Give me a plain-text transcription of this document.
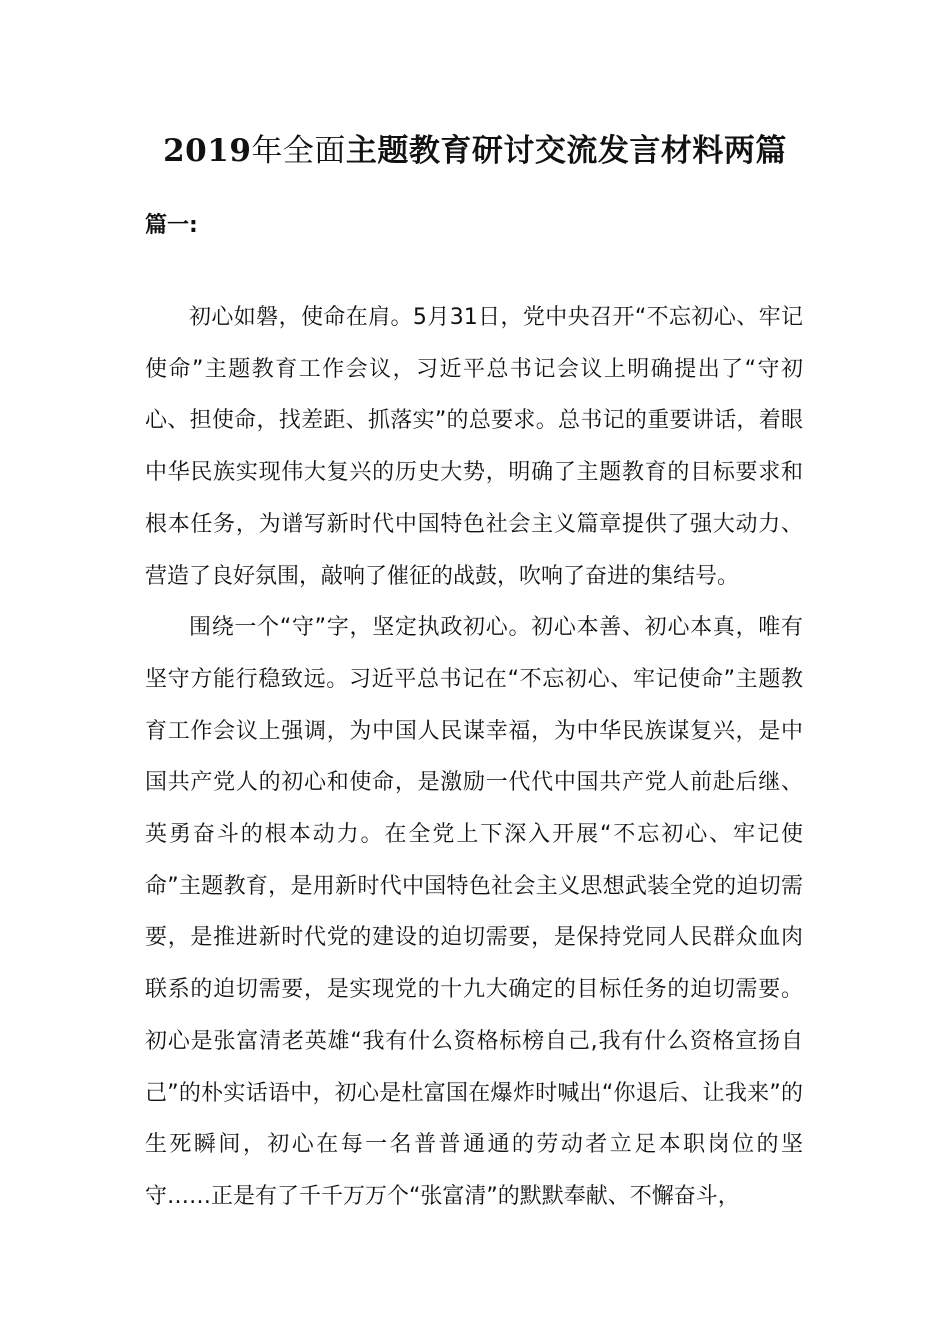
2019年全面主题教育研讨交流发言材料两篇
篇一:

初心如磐，使命在肩。5月31日，党中央召开“不忘初心、牢记使命”主题教育工作会议，习近平总书记会议上明确提出了“守初心、担使命，找差距、抓落实”的总要求。总书记的重要讲话，着眼中华民族实现伟大复兴的历史大势，明确了主题教育的目标要求和根本任务，为谱写新时代中国特色社会主义篇章提供了强大动力、营造了良好氛围，敲响了催征的战鼓，吹响了奋进的集结号。

围绕一个“守”字，坚定执政初心。初心本善、初心本真，唯有坚守方能行稳致远。习近平总书记在“不忘初心、牢记使命”主题教育工作会议上强调，为中国人民谋幸福，为中华民族谋复兴，是中国共产党人的初心和使命，是激励一代代中国共产党人前赴后继、英勇奋斗的根本动力。在全党上下深入开展“不忘初心、牢记使命”主题教育，是用新时代中国特色社会主义思想武装全党的迫切需要，是推进新时代党的建设的迫切需要，是保持党同人民群众血肉联系的迫切需要，是实现党的十九大确定的目标任务的迫切需要。初心是张富清老英雄“我有什么资格标榜自己,我有什么资格宣扬自己”的朴实话语中，初心是杜富国在爆炸时喊出“你退后、让我来”的生死瞬间，初心在每一名普普通通的劳动者立足本职岗位的坚守……正是有了千千万万个“张富清”的默默奉献、不懈奋斗，
